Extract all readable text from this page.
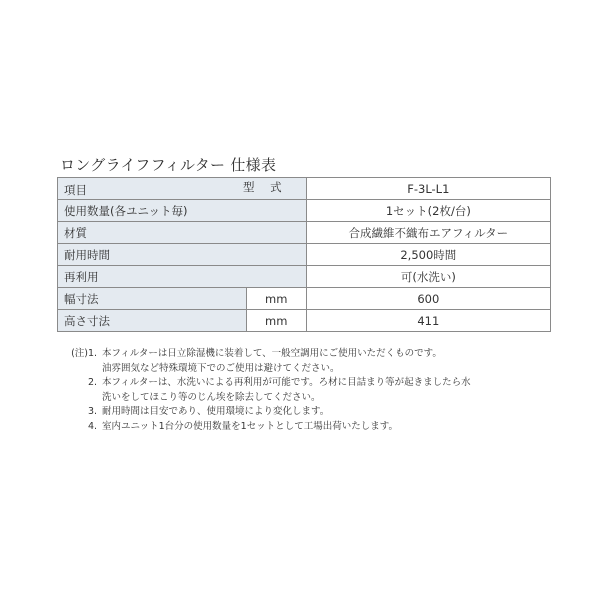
ロングライフフィルター 仕様表
項目 型 式		F-3L-L1
使用数量(各ユニット毎)		1セット(2枚/台)
材質		合成繊維不織布エアフィルター
耐用時間		2,500時間
再利用		可(水洗い)
幅寸法	mm	600
高さ寸法	mm	411
(注) 1. 本フィルターは日立除湿機に装着して、一般空調用にご使用いただくものです。
油雰囲気など特殊環境下でのご使用は避けてください。
2. 本フィルターは、水洗いによる再利用が可能です。ろ材に目詰まり等が起きましたら水
洗いをしてほこり等のじん埃を除去してください。
3. 耐用時間は目安であり、使用環境により変化します。
4. 室内ユニット1台分の使用数量を1セットとして工場出荷いたします。
